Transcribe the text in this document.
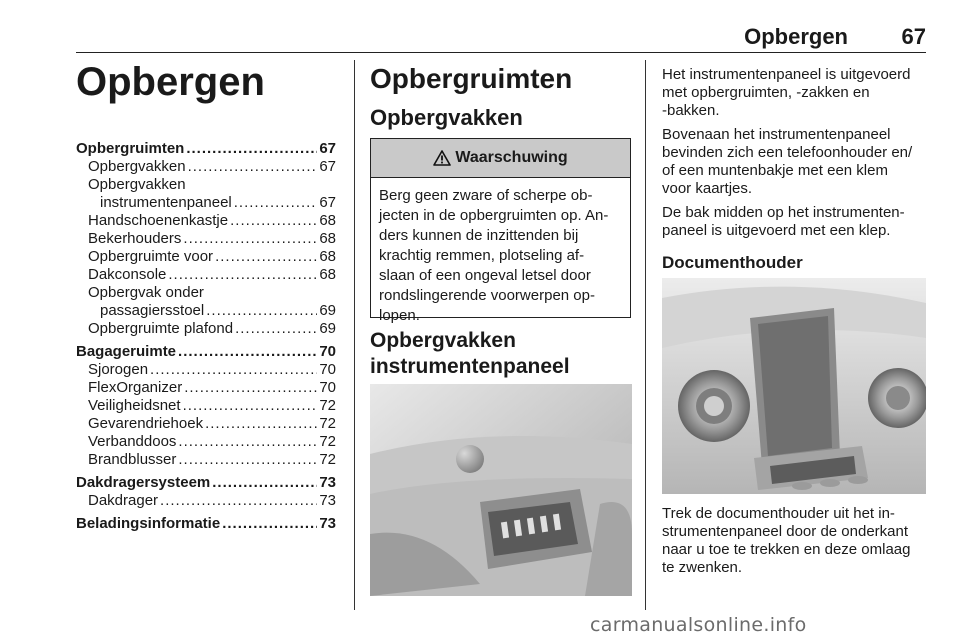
Opbergen	67
Opbergen
Opbergruimten .....	67
Opbergvakken .....	67
Opbergvakken
instrumentenpaneel .....	67
Handschoenenkastje .....	68
Bekerhouders .....	68
Opbergruimte voor .....	68
Dakconsole .....	68
Opbergvak onder
passagiersstoel .....	69
Opbergruimte plafond .....	69
Bagageruimte .....	70
Sjorogen .....	70
FlexOrganizer .....	70
Veiligheidsnet .....	72
Gevarendriehoek .....	72
Verbanddoos .....	72
Brandblusser .....	72
Dakdragersysteem .....	73
Dakdrager .....	73
Beladingsinformatie .....	73
Opbergruimten
Opbergvakken
Waarschuwing
Berg geen zware of scherpe ob-
jecten in de opbergruimten op. An-
ders kunnen de inzittenden bij
krachtig remmen, plotseling af-
slaan of een ongeval letsel door
rondslingerende voorwerpen op-
lopen.
Opbergvakken
instrumentenpaneel

Het instrumentenpaneel is uitgevoerd
met opbergruimten, -zakken en
-bakken.

Bovenaan het instrumentenpaneel
bevinden zich een telefoonhouder en/
of een muntenbakje met een klem
voor kaartjes.

De bak midden op het instrumenten-
paneel is uitgevoerd met een klep.

Documenthouder
Trek de documenthouder uit het in-
strumentenpaneel door de onderkant
naar u toe te trekken en deze omlaag
te zwenken.
carmanualsonline.info
